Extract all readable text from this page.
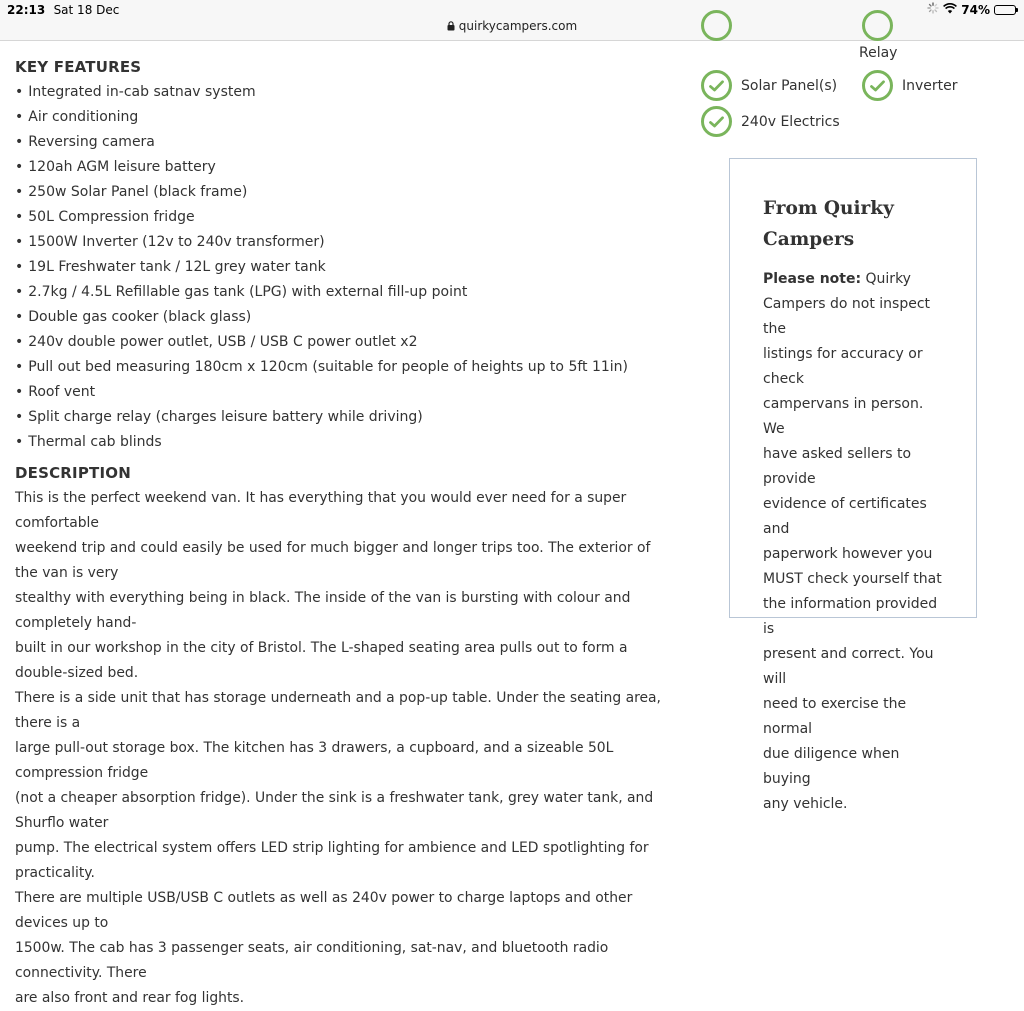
22:13 Sat 18 Dec
quirkycampers.com
74%
KEY FEATURES
• Integrated in-cab satnav system
• Air conditioning
• Reversing camera
• 120ah AGM leisure battery
• 250w Solar Panel (black frame)
• 50L Compression fridge
• 1500W Inverter (12v to 240v transformer)
• 19L Freshwater tank / 12L grey water tank
• 2.7kg / 4.5L Refillable gas tank (LPG) with external fill-up point
• Double gas cooker (black glass)
• 240v double power outlet, USB / USB C power outlet x2
• Pull out bed measuring 180cm x 120cm (suitable for people of heights up to 5ft 11in)
• Roof vent
• Split charge relay (charges leisure battery while driving)
• Thermal cab blinds
DESCRIPTION

This is the perfect weekend van. It has everything that you would ever need for a super comfortable
weekend trip and could easily be used for much bigger and longer trips too. The exterior of the van is very
stealthy with everything being in black. The inside of the van is bursting with colour and completely hand-
built in our workshop in the city of Bristol. The L-shaped seating area pulls out to form a double-sized bed.
There is a side unit that has storage underneath and a pop-up table. Under the seating area, there is a
large pull-out storage box. The kitchen has 3 drawers, a cupboard, and a sizeable 50L compression fridge
(not a cheaper absorption fridge). Under the sink is a freshwater tank, grey water tank, and Shurflo water
pump. The electrical system offers LED strip lighting for ambience and LED spotlighting for practicality.
There are multiple USB/USB C outlets as well as 240v power to charge laptops and other devices up to
1500w. The cab has 3 passenger seats, air conditioning, sat-nav, and bluetooth radio connectivity. There
are also front and rear fog lights.

Relay
Solar Panel(s)	Inverter
240v Electrics
From Quirky
Campers

Please note: Quirky
Campers do not inspect the
listings for accuracy or check
campervans in person. We
have asked sellers to provide
evidence of certificates and
paperwork however you
MUST check yourself that
the information provided is
present and correct. You will
need to exercise the normal
due diligence when buying
any vehicle.
